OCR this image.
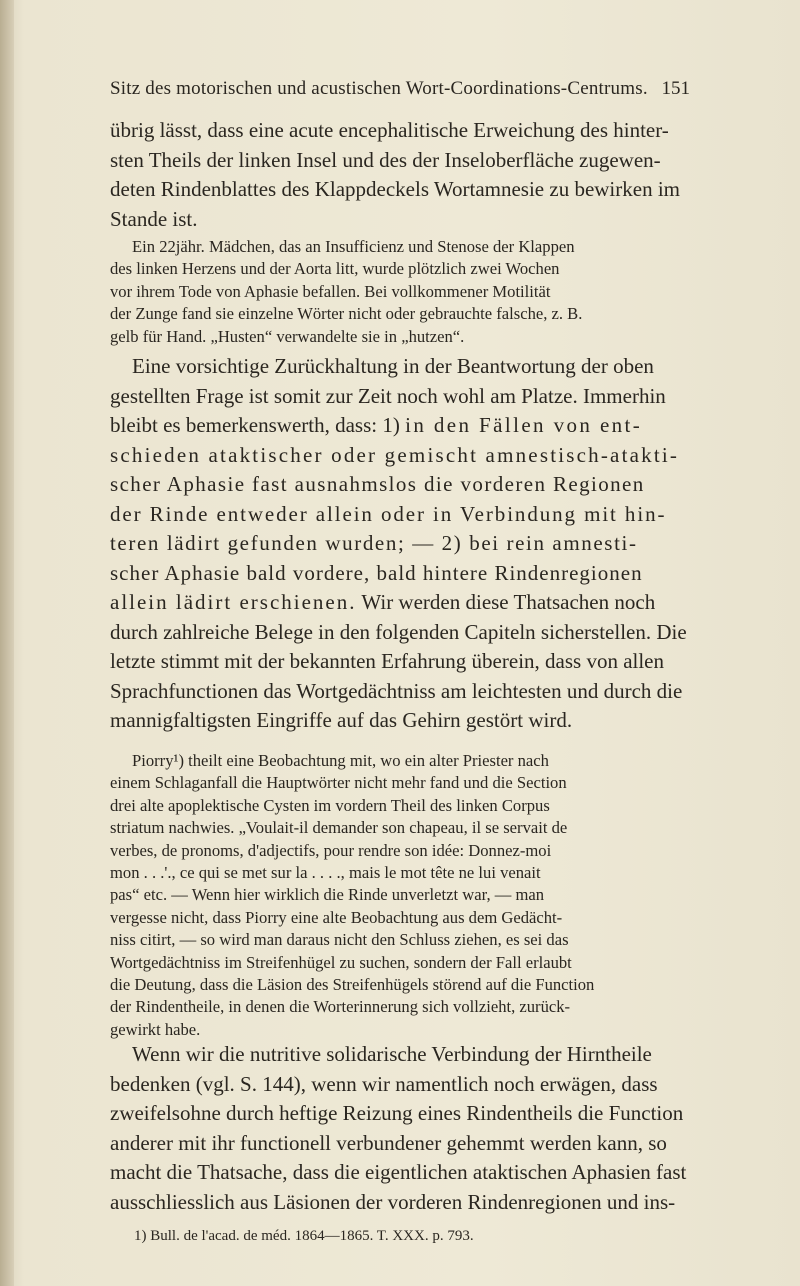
Sitz des motorischen und acustischen Wort-Coordinations-Centrums. 151
übrig lässt, dass eine acute encephalitische Erweichung des hinter-
sten Theils der linken Insel und des der Inseloberfläche zugewen-
deten Rindenblattes des Klappdeckels Wortamnesie zu bewirken im
Stande ist.
Ein 22jähr. Mädchen, das an Insufficienz und Stenose der Klappen
des linken Herzens und der Aorta litt, wurde plötzlich zwei Wochen
vor ihrem Tode von Aphasie befallen. Bei vollkommener Motilität
der Zunge fand sie einzelne Wörter nicht oder gebrauchte falsche, z. B.
gelb für Hand. „Husten“ verwandelte sie in „hutzen“.
Eine vorsichtige Zurückhaltung in der Beantwortung der oben
gestellten Frage ist somit zur Zeit noch wohl am Platze. Immerhin
bleibt es bemerkenswerth, dass: 1) in den Fällen von ent-
schieden ataktischer oder gemischt amnestisch-atakti-
scher Aphasie fast ausnahmslos die vorderen Regionen
der Rinde entweder allein oder in Verbindung mit hin-
teren lädirt gefunden wurden; — 2) bei rein amnesti-
scher Aphasie bald vordere, bald hintere Rindenregionen
allein lädirt erschienen. Wir werden diese Thatsachen noch
durch zahlreiche Belege in den folgenden Capiteln sicherstellen. Die
letzte stimmt mit der bekannten Erfahrung überein, dass von allen
Sprachfunctionen das Wortgedächtniss am leichtesten und durch die
mannigfaltigsten Eingriffe auf das Gehirn gestört wird.
Piorry¹) theilt eine Beobachtung mit, wo ein alter Priester nach
einem Schlaganfall die Hauptwörter nicht mehr fand und die Section
drei alte apoplektische Cysten im vordern Theil des linken Corpus
striatum nachwies. „Voulait-il demander son chapeau, il se servait de
verbes, de pronoms, d'adjectifs, pour rendre son idée: Donnez-moi
mon . . .'., ce qui se met sur la . . . ., mais le mot tête ne lui venait
pas“ etc. — Wenn hier wirklich die Rinde unverletzt war, — man
vergesse nicht, dass Piorry eine alte Beobachtung aus dem Gedächt-
niss citirt, — so wird man daraus nicht den Schluss ziehen, es sei das
Wortgedächtniss im Streifenhügel zu suchen, sondern der Fall erlaubt
die Deutung, dass die Läsion des Streifenhügels störend auf die Function
der Rindentheile, in denen die Worterinnerung sich vollzieht, zurück-
gewirkt habe.
Wenn wir die nutritive solidarische Verbindung der Hirntheile
bedenken (vgl. S. 144), wenn wir namentlich noch erwägen, dass
zweifelsohne durch heftige Reizung eines Rindentheils die Function
anderer mit ihr functionell verbundener gehemmt werden kann, so
macht die Thatsache, dass die eigentlichen ataktischen Aphasien fast
ausschliesslich aus Läsionen der vorderen Rindenregionen und ins-
1) Bull. de l'acad. de méd. 1864—1865. T. XXX. p. 793.
